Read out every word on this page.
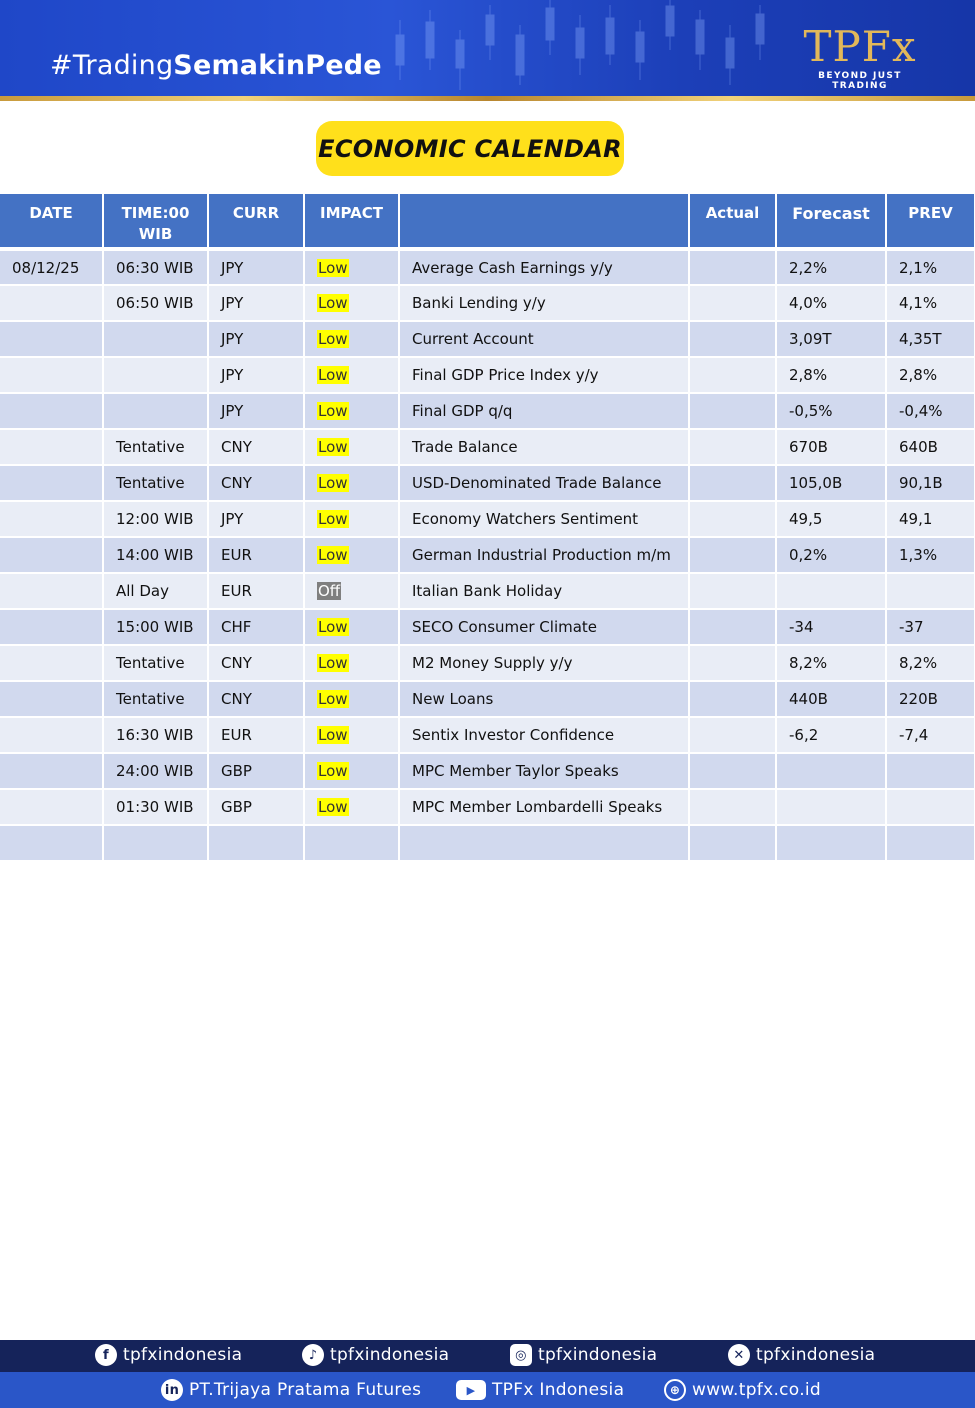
#TradingSemakinPede	TPFx
BEYOND JUST TRADING
ECONOMIC CALENDAR
DATE	TIME:00 WIB	CURR	IMPACT		Actual	Forecast	PREV
08/12/25	06:30 WIB	JPY	Low	Average Cash Earnings y/y		2,2%	2,1%
	06:50 WIB	JPY	Low	Banki Lending y/y		4,0%	4,1%
		JPY	Low	Current Account		3,09T	4,35T
		JPY	Low	Final GDP Price Index y/y		2,8%	2,8%
		JPY	Low	Final GDP q/q		-0,5%	-0,4%
	Tentative	CNY	Low	Trade Balance		670B	640B
	Tentative	CNY	Low	USD-Denominated Trade Balance		105,0B	90,1B
	12:00 WIB	JPY	Low	Economy Watchers Sentiment		49,5	49,1
	14:00 WIB	EUR	Low	German Industrial Production m/m		0,2%	1,3%
	All Day	EUR	Off	Italian Bank Holiday			
	15:00 WIB	CHF	Low	SECO Consumer Climate		-34	-37
	Tentative	CNY	Low	M2 Money Supply y/y		8,2%	8,2%
	Tentative	CNY	Low	New Loans		440B	220B
	16:30 WIB	EUR	Low	Sentix Investor Confidence		-6,2	-7,4
	24:00 WIB	GBP	Low	MPC Member Taylor Speaks			
	01:30 WIB	GBP	Low	MPC Member Lombardelli Speaks			

f tpfxindonesia	♪ tpfxindonesia	◎ tpfxindonesia	✕ tpfxindonesia
in PT.Trijaya Pratama Futures	▶ TPFx Indonesia	⊕ www.tpfx.co.id
